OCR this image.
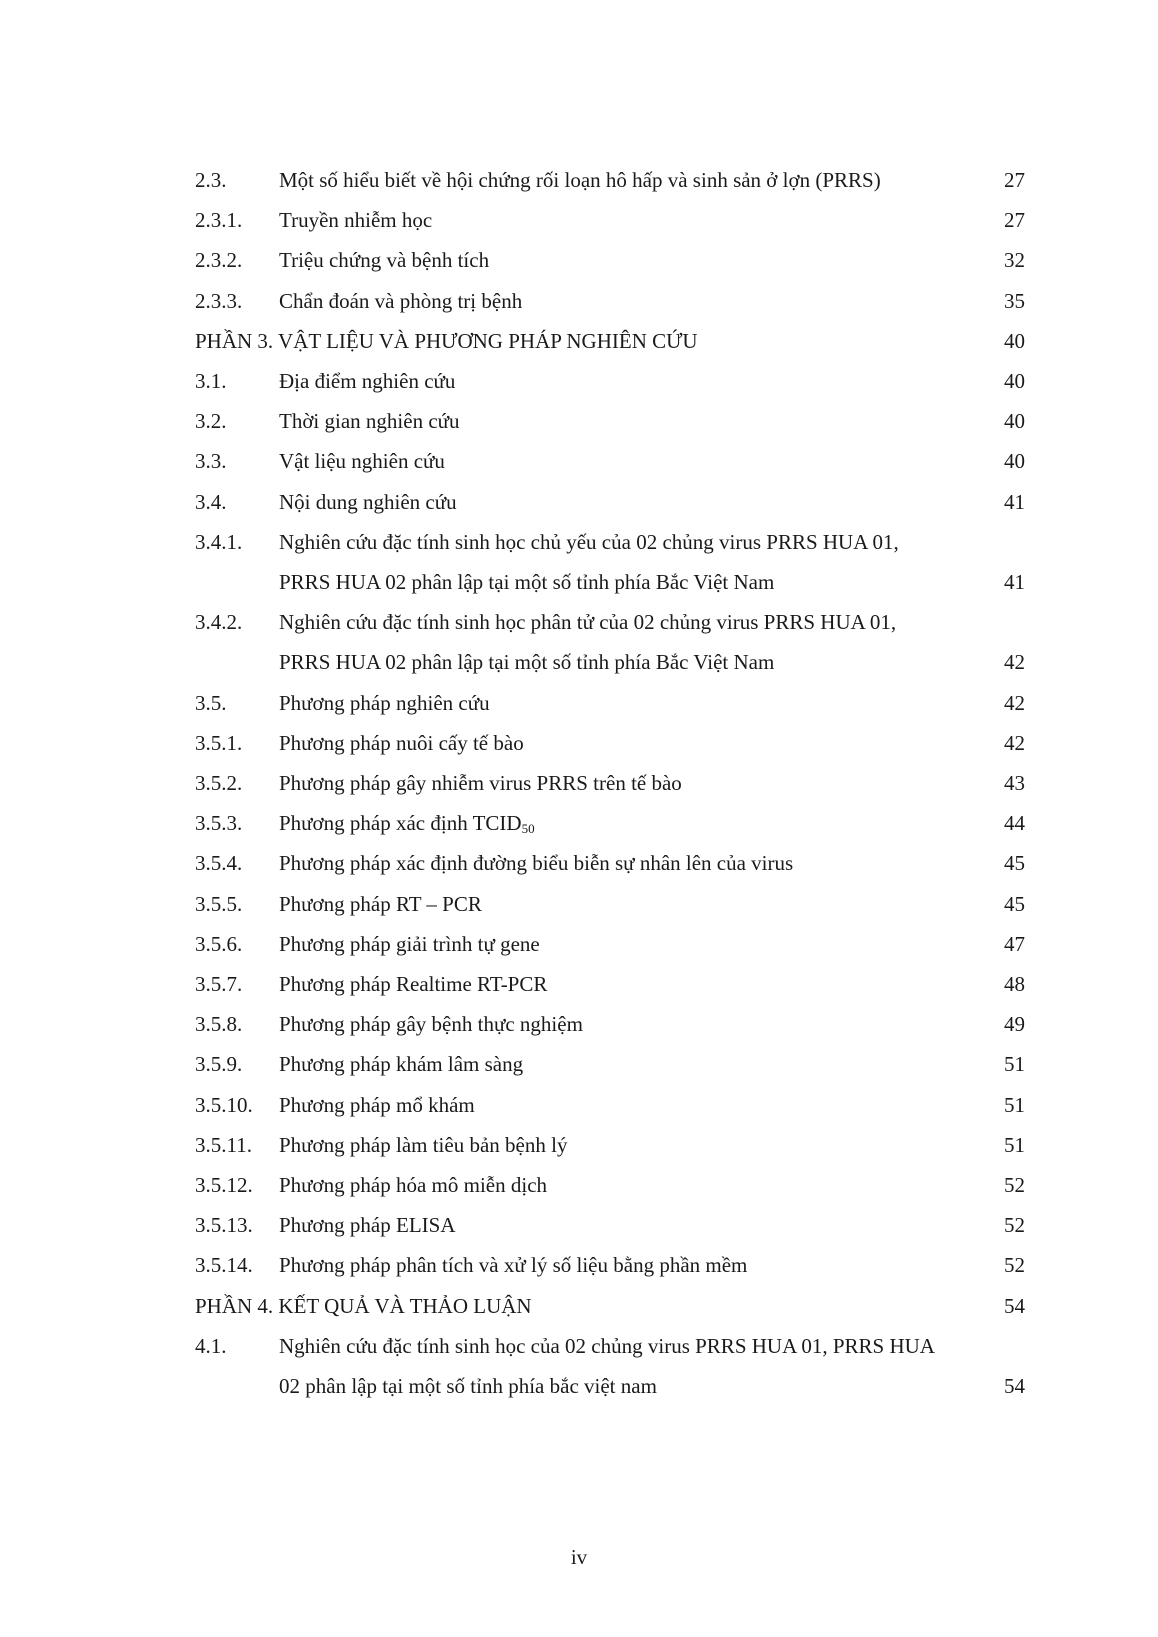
2.3.	Một số hiểu biết về hội chứng rối loạn hô hấp và sinh sản ở lợn (PRRS)	27
2.3.1.	Truyền nhiễm học	27
2.3.2.	Triệu chứng và bệnh tích	32
2.3.3.	Chẩn đoán và phòng trị bệnh	35
PHẦN 3. VẬT LIỆU VÀ PHƯƠNG PHÁP NGHIÊN CỨU	40
3.1.	Địa điểm nghiên cứu	40
3.2.	Thời gian nghiên cứu	40
3.3.	Vật liệu nghiên cứu	40
3.4.	Nội dung nghiên cứu	41
3.4.1.	Nghiên cứu đặc tính sinh học chủ yếu của 02 chủng virus PRRS HUA 01, PRRS HUA 02 phân lập tại một số tỉnh phía Bắc Việt Nam	41
3.4.2.	Nghiên cứu đặc tính sinh học phân tử của 02 chủng virus PRRS HUA 01, PRRS HUA 02 phân lập tại một số tỉnh phía Bắc Việt Nam	42
3.5.	Phương pháp nghiên cứu	42
3.5.1.	Phương pháp nuôi cấy tế bào	42
3.5.2.	Phương pháp gây nhiễm virus PRRS trên tế bào	43
3.5.3.	Phương pháp xác định $TCID_{50}$	44
3.5.4.	Phương pháp xác định đường biểu biễn sự nhân lên của virus	45
3.5.5.	Phương pháp RT – PCR	45
3.5.6.	Phương pháp giải trình tự gene	47
3.5.7.	Phương pháp Realtime RT-PCR	48
3.5.8.	Phương pháp gây bệnh thực nghiệm	49
3.5.9.	Phương pháp khám lâm sàng	51
3.5.10.	Phương pháp mổ khám	51
3.5.11.	Phương pháp làm tiêu bản bệnh lý	51
3.5.12.	Phương pháp hóa mô miễn dịch	52
3.5.13.	Phương pháp ELISA	52
3.5.14.	Phương pháp phân tích và xử lý số liệu bằng phần mềm	52
PHẦN 4. KẾT QUẢ VÀ THẢO LUẬN	54
4.1.	Nghiên cứu đặc tính sinh học của 02 chủng virus PRRS HUA 01, PRRS HUA 02 phân lập tại một số tỉnh phía bắc việt nam	54
iv
